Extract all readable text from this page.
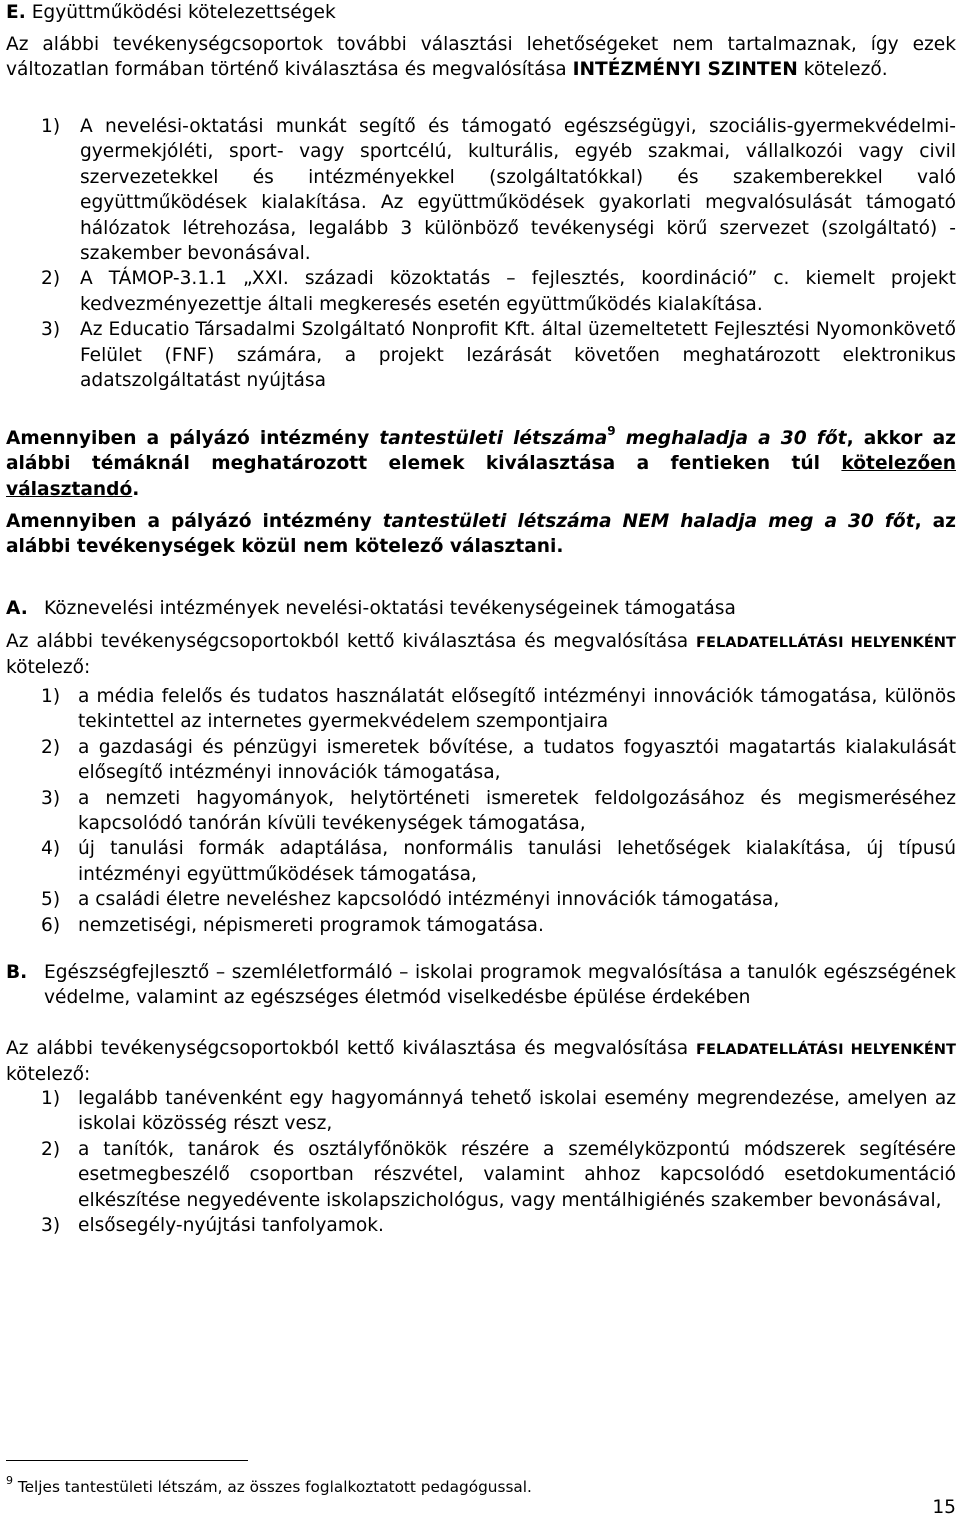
E. Együttműködési kötelezettségek
Az alábbi tevékenységcsoportok további választási lehetőségeket nem tartalmaznak, így ezek változatlan formában történő kiválasztása és megvalósítása INTÉZMÉNYI SZINTEN kötelező.
1) A nevelési-oktatási munkát segítő és támogató egészségügyi, szociális-gyermekvédelmi-gyermekjóléti, sport- vagy sportcélú, kulturális, egyéb szakmai, vállalkozói vagy civil szervezetekkel és intézményekkel (szolgáltatókkal) és szakemberekkel való együttműködések kialakítása. Az együttműködések gyakorlati megvalósulását támogató hálózatok létrehozása, legalább 3 különböző tevékenységi körű szervezet (szolgáltató) - szakember bevonásával.
2) A TÁMOP-3.1.1 „XXI. századi közoktatás – fejlesztés, koordináció” c. kiemelt projekt kedvezményezettje általi megkeresés esetén együttműködés kialakítása.
3) Az Educatio Társadalmi Szolgáltató Nonprofit Kft. által üzemeltetett Fejlesztési Nyomonkövető Felület (FNF) számára, a projekt lezárását követően meghatározott elektronikus adatszolgáltatást nyújtása
Amennyiben a pályázó intézmény tantestületi létszáma$^9$ meghaladja a 30 főt, akkor az alábbi témáknál meghatározott elemek kiválasztása a fentieken túl kötelezően választandó.
Amennyiben a pályázó intézmény tantestületi létszáma NEM haladja meg a 30 főt, az alábbi tevékenységek közül nem kötelező választani.
A. Köznevelési intézmények nevelési-oktatási tevékenységeinek támogatása
Az alábbi tevékenységcsoportokból kettő kiválasztása és megvalósítása FELADATELLÁTÁSI HELYENKÉNT kötelező:
1) a média felelős és tudatos használatát elősegítő intézményi innovációk támogatása, különös tekintettel az internetes gyermekvédelem szempontjaira
2) a gazdasági és pénzügyi ismeretek bővítése, a tudatos fogyasztói magatartás kialakulását elősegítő intézményi innovációk támogatása,
3) a nemzeti hagyományok, helytörténeti ismeretek feldolgozásához és megismeréséhez kapcsolódó tanórán kívüli tevékenységek támogatása,
4) új tanulási formák adaptálása, nonformális tanulási lehetőségek kialakítása, új típusú intézményi együttműködések támogatása,
5) a családi életre neveléshez kapcsolódó intézményi innovációk támogatása,
6) nemzetiségi, népismereti programok támogatása.
B. Egészségfejlesztő – szemléletformáló – iskolai programok megvalósítása a tanulók egészségének védelme, valamint az egészséges életmód viselkedésbe épülése érdekében
Az alábbi tevékenységcsoportokból kettő kiválasztása és megvalósítása FELADATELLÁTÁSI HELYENKÉNT kötelező:
1) legalább tanévenként egy hagyománnyá tehető iskolai esemény megrendezése, amelyen az iskolai közösség részt vesz,
2) a tanítók, tanárok és osztályfőnökök részére a személyközpontú módszerek segítésére esetmegbeszélő csoportban részvétel, valamint ahhoz kapcsolódó esetdokumentáció elkészítése negyedévente iskolapszichológus, vagy mentálhigiénés szakember bevonásával,
3) elsősegély-nyújtási tanfolyamok.
$^9$ Teljes tantestületi létszám, az összes foglalkoztatott pedagógussal.
15
